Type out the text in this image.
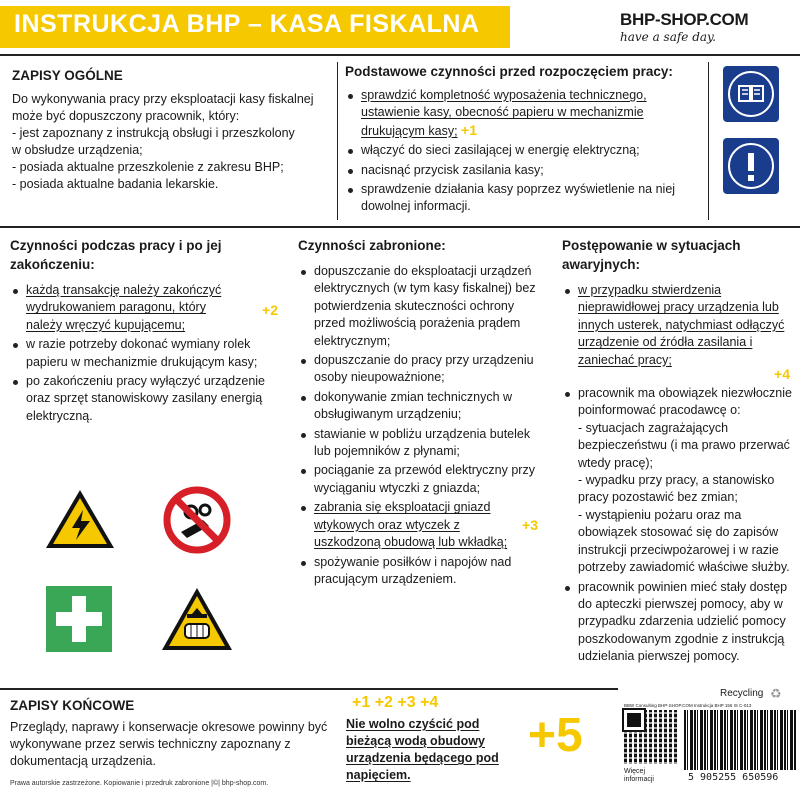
INSTRUKCJA BHP – KASA FISKALNA	BHP-SHOP.COM
have a safe day.
ZAPISY OGÓLNE
Do wykonywania pracy przy eksploatacji kasy fiskalnej
może być dopuszczony pracownik, który:
- jest zapoznany z instrukcją obsługi i przeszkolony
w obsłudze urządzenia;
- posiada aktualne przeszkolenie z zakresu BHP;
- posiada aktualne badania lekarskie.
Podstawowe czynności przed rozpoczęciem pracy:
sprawdzić kompletność wyposażenia technicznego, ustawienie kasy, obecność papieru w mechanizmie drukującym kasy; +1
włączyć do sieci zasilającej w energię elektryczną;
nacisnąć przycisk zasilania kasy;
sprawdzenie działania kasy poprzez wyświetlenie na niej dowolnej informacji.
Czynności podczas pracy i po jej zakończeniu:
każdą transakcję należy zakończyć wydrukowaniem paragonu, który należy wręczyć kupującemu;
+2
w razie potrzeby dokonać wymiany rolek papieru w mechanizmie drukującym kasy;
po zakończeniu pracy wyłączyć urządzenie oraz sprzęt stanowiskowy zasilany energią elektryczną.
Czynności zabronione:
dopuszczanie do eksploatacji urządzeń elektrycznych (w tym kasy fiskalnej) bez potwierdzenia skuteczności ochrony przed możliwością porażenia prądem elektrycznym;
dopuszczanie do pracy przy urządzeniu osoby nieupoważnione;
dokonywanie zmian technicznych w obsługiwanym urządzeniu;
stawianie w pobliżu urządzenia butelek lub pojemników z płynami;
pociąganie za przewód elektryczny przy wyciąganiu wtyczki z gniazda;
zabrania się eksploatacji gniazd wtykowych oraz wtyczek z uszkodzoną obudową lub wkładką;
+3
spożywanie posiłków i napojów nad pracującym urządzeniem.
Postępowanie w sytuacjach awaryjnych:
w przypadku stwierdzenia nieprawidłowej pracy urządzenia lub innych usterek, natychmiast odłączyć urządzenie od źródła zasilania i zaniechać pracy;
+4
pracownik ma obowiązek niezwłocznie poinformować pracodawcę o:
- sytuacjach zagrażających bezpieczeństwu (i ma prawo przerwać wtedy pracę);
- wypadku przy pracy, a stanowisko pracy pozostawić bez zmian;
- wystąpieniu pożaru oraz ma obowiązek stosować się do zapisów instrukcji przeciwpożarowej i w razie potrzeby zawiadomić właściwe służby.
pracownik powinien mieć stały dostęp do apteczki pierwszej pomocy, aby w przypadku zdarzenia udzielić pomocy poszkodowanym zgodnie z instrukcją udzielania pierwszej pomocy.
ZAPISY KOŃCOWE
Przeglądy, naprawy i konserwacje okresowe powinny być wykonywane przez serwis techniczny zapoznany z dokumentacją urządzenia.
+1 +2 +3 +4
Nie wolno czyścić pod bieżącą wodą obudowy urządzenia będącego pod napięciem.
+5
Recycling ♻
BBW Consulting BHP-SHOP.COM Instrukcja BHP 156 IS C-013
Więcej informacji	5 905255 650596
Prawa autorskie zastrzeżone. Kopiowanie i przedruk zabronione |©| bhp-shop.com.
